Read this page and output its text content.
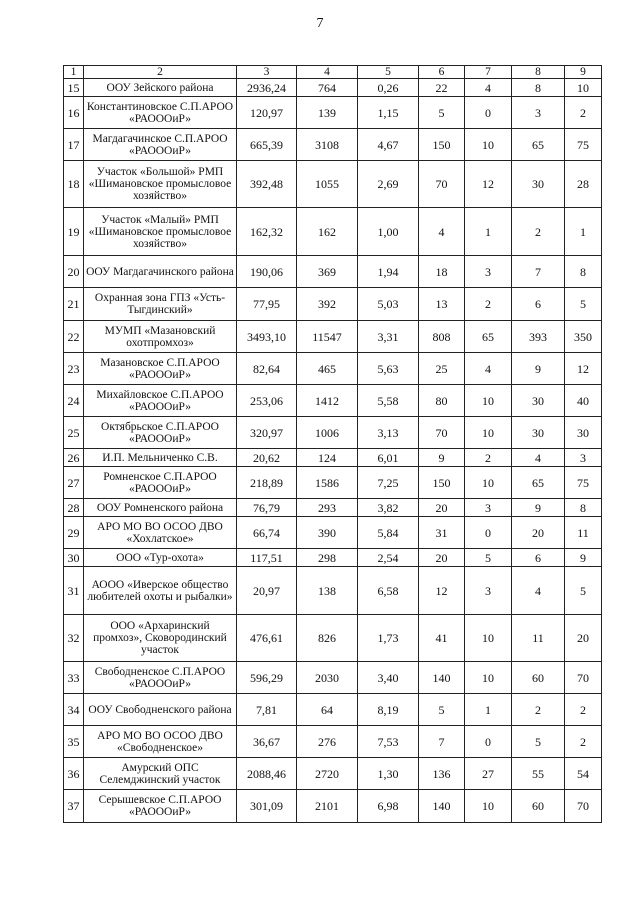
7
1	2	3	4	5	6	7	8	9
15	ООУ Зейского района	2936,24	764	0,26	22	4	8	10
16	Константиновское С.П.АРОО «РАОООиР»	120,97	139	1,15	5	0	3	2
17	Магдагачинское С.П.АРОО «РАОООиР»	665,39	3108	4,67	150	10	65	75
18	Участок «Большой» РМП «Шимановское промысловое хозяйство»	392,48	1055	2,69	70	12	30	28
19	Участок «Малый» РМП «Шимановское промысловое хозяйство»	162,32	162	1,00	4	1	2	1
20	ООУ Магдагачинского района	190,06	369	1,94	18	3	7	8
21	Охранная зона ГПЗ «Усть-Тыгдинский»	77,95	392	5,03	13	2	6	5
22	МУМП «Мазановский охотпромхоз»	3493,10	11547	3,31	808	65	393	350
23	Мазановское С.П.АРОО «РАОООиР»	82,64	465	5,63	25	4	9	12
24	Михайловское С.П.АРОО «РАОООиР»	253,06	1412	5,58	80	10	30	40
25	Октябрьское С.П.АРОО «РАОООиР»	320,97	1006	3,13	70	10	30	30
26	И.П. Мельниченко С.В.	20,62	124	6,01	9	2	4	3
27	Ромненское С.П.АРОО «РАОООиР»	218,89	1586	7,25	150	10	65	75
28	ООУ Ромненского района	76,79	293	3,82	20	3	9	8
29	АРО МО ВО ОСОО ДВО «Хохлатское»	66,74	390	5,84	31	0	20	11
30	ООО «Тур-охота»	117,51	298	2,54	20	5	6	9
31	АООО «Иверское общество любителей охоты и рыбалки»	20,97	138	6,58	12	3	4	5
32	ООО «Архаринский промхоз», Сковородинский участок	476,61	826	1,73	41	10	11	20
33	Свободненское С.П.АРОО «РАОООиР»	596,29	2030	3,40	140	10	60	70
34	ООУ Свободненского района	7,81	64	8,19	5	1	2	2
35	АРО МО ВО ОСОО ДВО «Свободненское»	36,67	276	7,53	7	0	5	2
36	Амурский ОПС Селемджинский участок	2088,46	2720	1,30	136	27	55	54
37	Серышевское С.П.АРОО «РАОООиР»	301,09	2101	6,98	140	10	60	70
